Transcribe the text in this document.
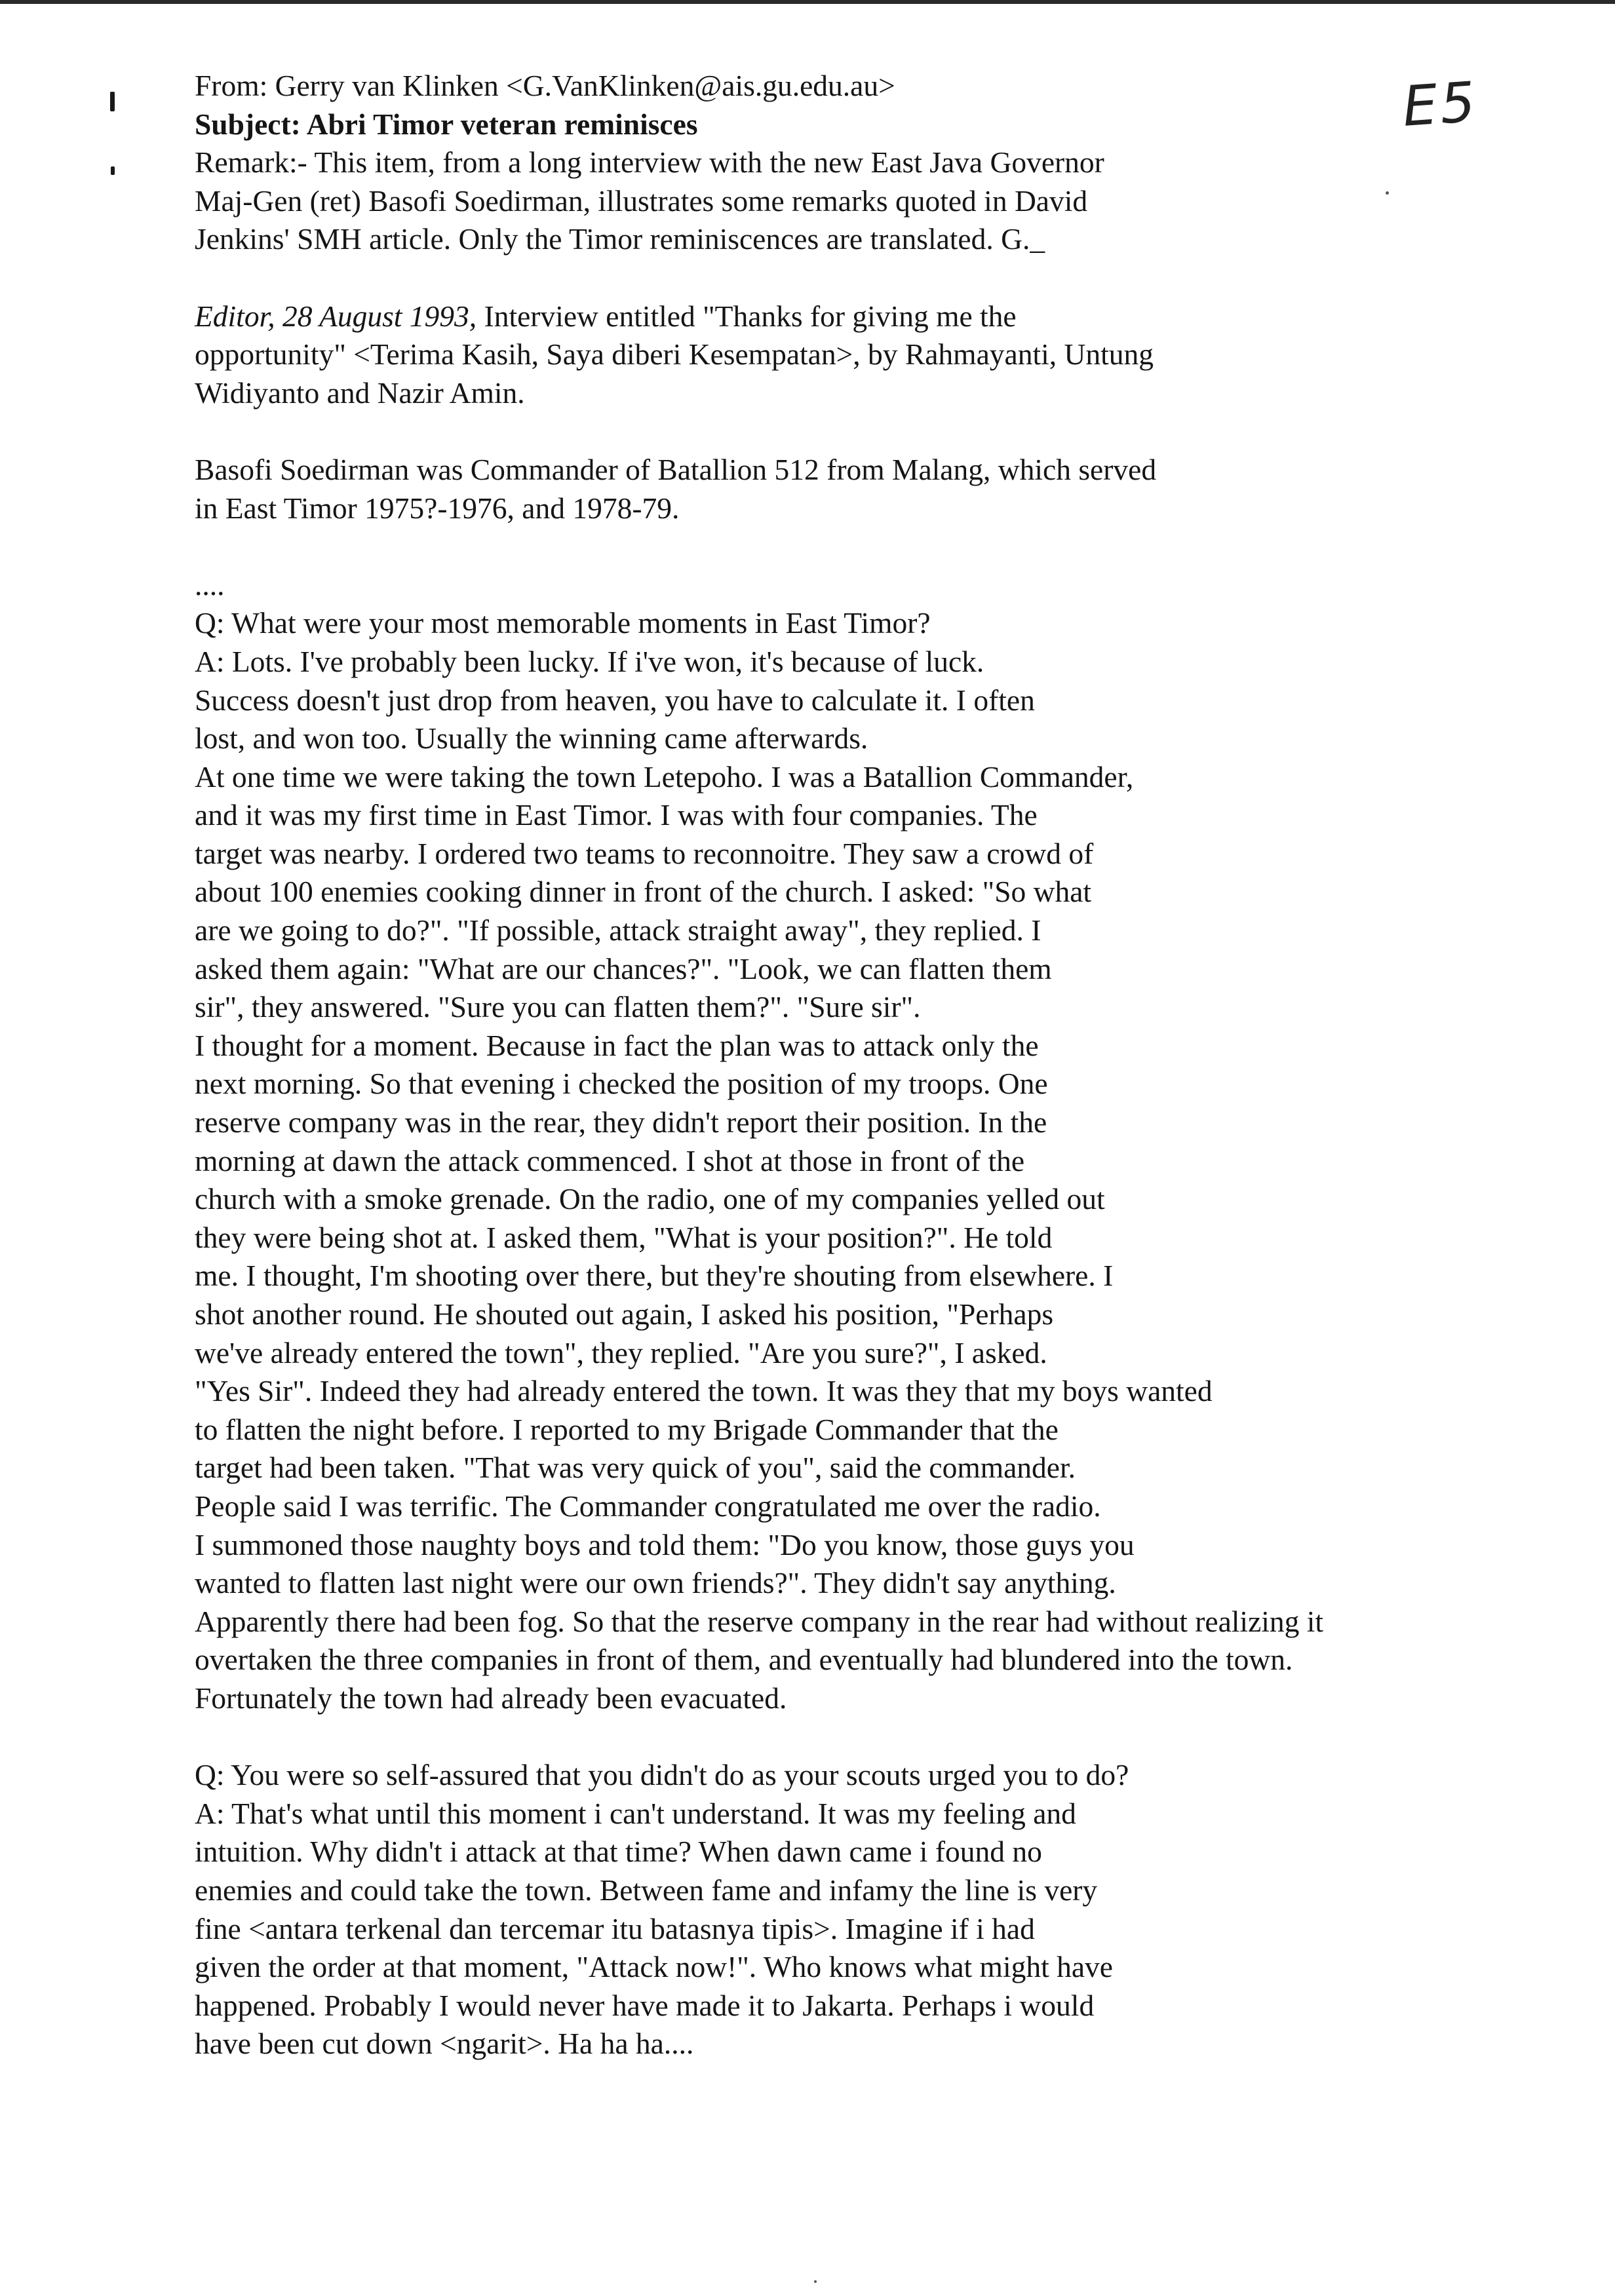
E5
From: Gerry van Klinken <G.VanKlinken@ais.gu.edu.au>
Subject: Abri Timor veteran reminisces
Remark:- This item, from a long interview with the new East Java Governor
Maj-Gen (ret) Basofi Soedirman, illustrates some remarks quoted in David
Jenkins' SMH article. Only the Timor reminiscences are translated. G._
Editor, 28 August 1993, Interview entitled "Thanks for giving me the
opportunity" <Terima Kasih, Saya diberi Kesempatan>, by Rahmayanti, Untung
Widiyanto and Nazir Amin.
Basofi Soedirman was Commander of Batallion 512 from Malang, which served
in East Timor 1975?-1976, and 1978-79.
....
Q: What were your most memorable moments in East Timor?
A: Lots. I've probably been lucky. If i've won, it's because of luck.
Success doesn't just drop from heaven, you have to calculate it. I often
lost, and won too. Usually the winning came afterwards.
At one time we were taking the town Letepoho. I was a Batallion Commander,
and it was my first time in East Timor. I was with four companies. The
target was nearby. I ordered two teams to reconnoitre. They saw a crowd of
about 100 enemies cooking dinner in front of the church. I asked: "So what
are we going to do?". "If possible, attack straight away", they replied. I
asked them again: "What are our chances?". "Look, we can flatten them
sir", they answered. "Sure you can flatten them?". "Sure sir".
I thought for a moment. Because in fact the plan was to attack only the
next morning. So that evening i checked the position of my troops. One
reserve company was in the rear, they didn't report their position. In the
morning at dawn the attack commenced. I shot at those in front of the
church with a smoke grenade. On the radio, one of my companies yelled out
they were being shot at. I asked them, "What is your position?". He told
me. I thought, I'm shooting over there, but they're shouting from elsewhere. I
shot another round. He shouted out again, I asked his position, "Perhaps
we've already entered the town", they replied. "Are you sure?", I asked.
"Yes Sir". Indeed they had already entered the town. It was they that my boys wanted
to flatten the night before. I reported to my Brigade Commander that the
target had been taken. "That was very quick of you", said the commander.
People said I was terrific. The Commander congratulated me over the radio.
I summoned those naughty boys and told them: "Do you know, those guys you
wanted to flatten last night were our own friends?". They didn't say anything.
Apparently there had been fog. So that the reserve company in the rear had without realizing it
overtaken the three companies in front of them, and eventually had blundered into the town.
Fortunately the town had already been evacuated.
Q: You were so self-assured that you didn't do as your scouts urged you to do?
A: That's what until this moment i can't understand. It was my feeling and
intuition. Why didn't i attack at that time? When dawn came i found no
enemies and could take the town. Between fame and infamy the line is very
fine <antara terkenal dan tercemar itu batasnya tipis>. Imagine if i had
given the order at that moment, "Attack now!". Who knows what might have
happened. Probably I would never have made it to Jakarta. Perhaps i would
have been cut down <ngarit>. Ha ha ha....
